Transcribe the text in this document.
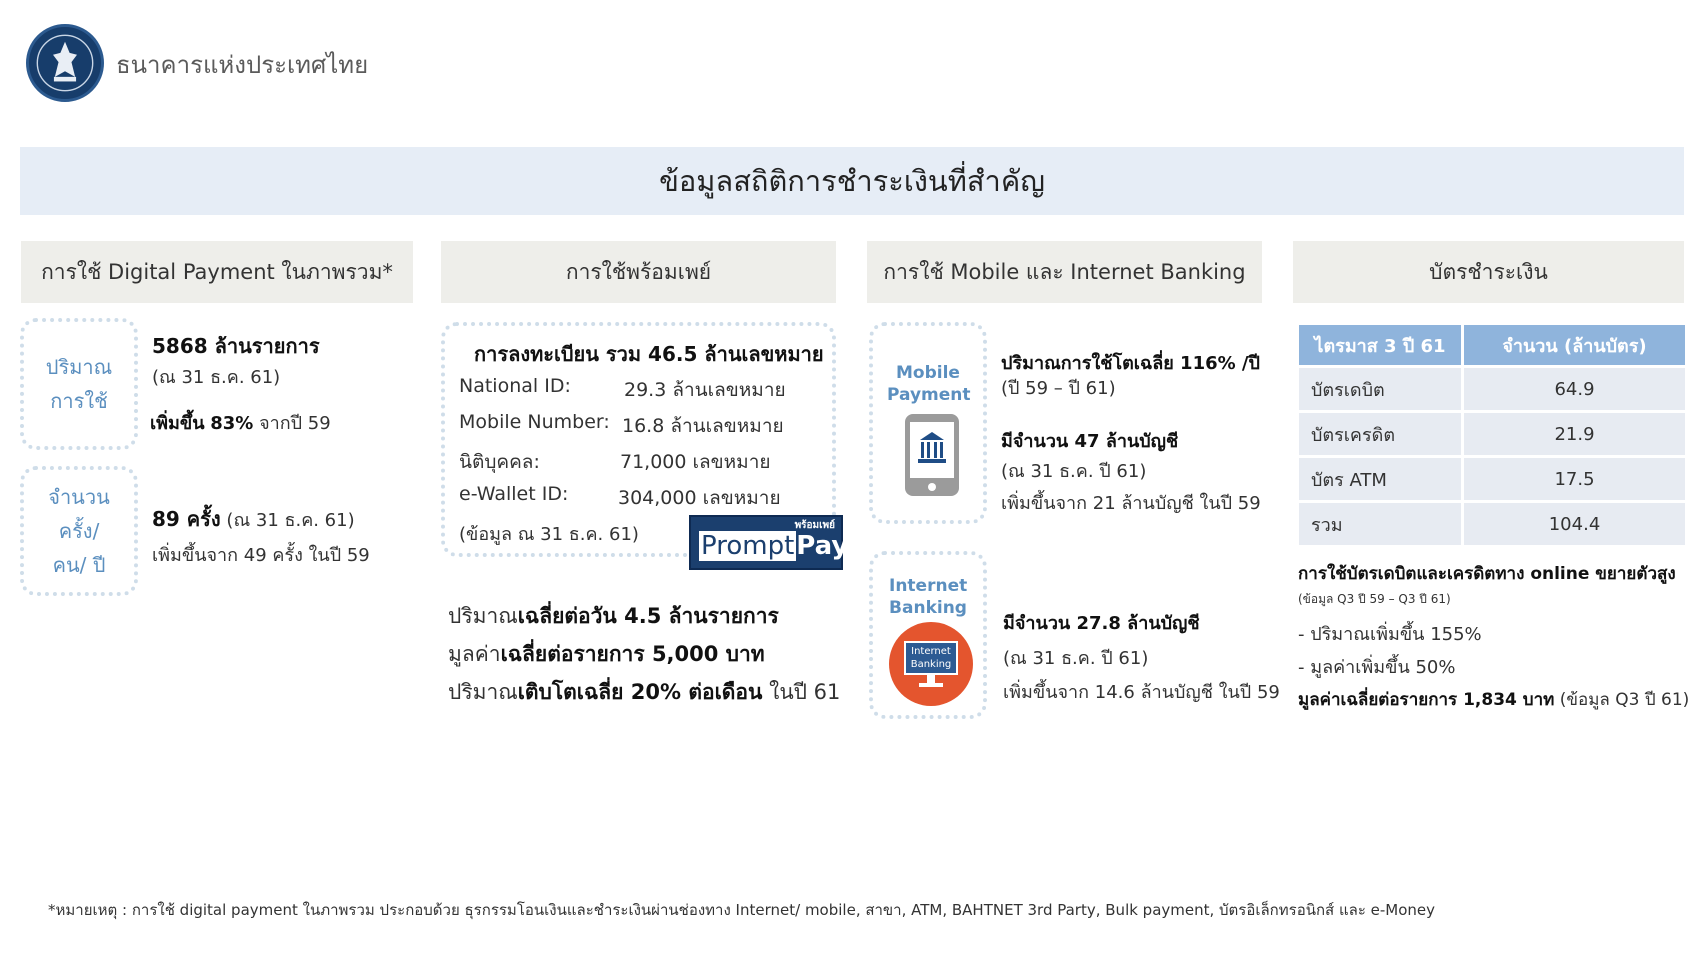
ธนาคารแห่งประเทศไทย
ข้อมูลสถิติการชำระเงินที่สำคัญ
การใช้ Digital Payment ในภาพรวม*	การใช้พร้อมเพย์	การใช้ Mobile และ Internet Banking	บัตรชำระเงิน
ปริมาณ การใช้
5868 ล้านรายการ
(ณ 31 ธ.ค. 61)
เพิ่มขึ้น 83% จากปี 59
จำนวน ครั้ง/ คน/ ปี
89 ครั้ง (ณ 31 ธ.ค. 61)
เพิ่มขึ้นจาก 49 ครั้ง ในปี 59
การลงทะเบียน รวม 46.5 ล้านเลขหมาย
National ID:	29.3 ล้านเลขหมาย
Mobile Number: 16.8 ล้านเลขหมาย
นิติบุคคล:	71,000 เลขหมาย
e-Wallet ID:	304,000 เลขหมาย
(ข้อมูล ณ 31 ธ.ค. 61)	พร้อมเพย์
PromptPay
ปริมาณเฉลี่ยต่อวัน 4.5 ล้านรายการ
มูลค่าเฉลี่ยต่อรายการ 5,000 บาท
ปริมาณเติบโตเฉลี่ย 20% ต่อเดือน ในปี 61
Mobile Payment
ปริมาณการใช้โตเฉลี่ย 116% /ปี
(ปี 59 – ปี 61)
มีจำนวน 47 ล้านบัญชี
(ณ 31 ธ.ค. ปี 61)
เพิ่มขึ้นจาก 21 ล้านบัญชี ในปี 59
Internet Banking
Internet Banking
มีจำนวน 27.8 ล้านบัญชี
(ณ 31 ธ.ค. ปี 61)
เพิ่มขึ้นจาก 14.6 ล้านบัญชี ในปี 59
ไตรมาส 3 ปี 61	จำนวน (ล้านบัตร)
บัตรเดบิต	64.9
บัตรเครดิต	21.9
บัตร ATM	17.5
รวม	104.4
การใช้บัตรเดบิตและเครดิตทาง online ขยายตัวสูง
(ข้อมูล Q3 ปี 59 – Q3 ปี 61)
- ปริมาณเพิ่มขึ้น 155%
- มูลค่าเพิ่มขึ้น 50%
มูลค่าเฉลี่ยต่อรายการ 1,834 บาท (ข้อมูล Q3 ปี 61)
*หมายเหตุ : การใช้ digital payment ในภาพรวม ประกอบด้วย ธุรกรรมโอนเงินและชำระเงินผ่านช่องทาง Internet/ mobile, สาขา, ATM, BAHTNET 3rd Party, Bulk payment, บัตรอิเล็กทรอนิกส์ และ e-Money
